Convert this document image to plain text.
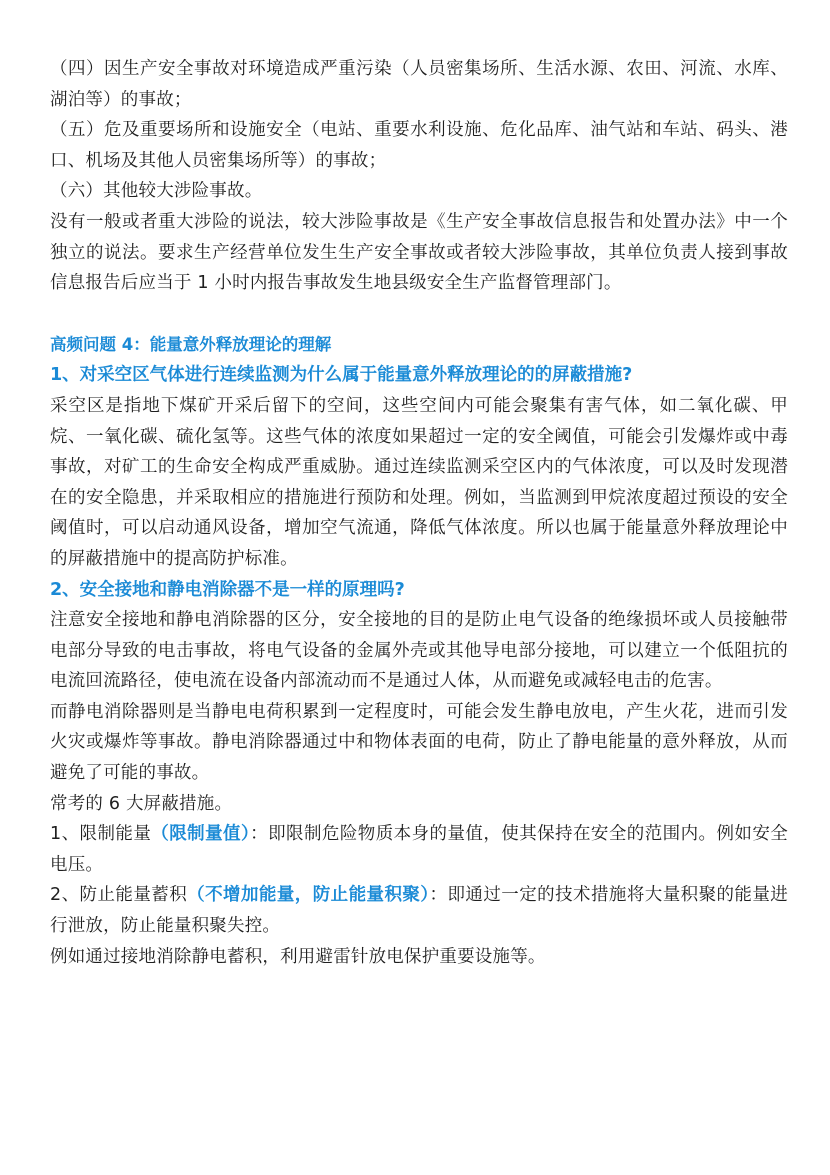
（四）因生产安全事故对环境造成严重污染（人员密集场所、生活水源、农田、河流、水库、湖泊等）的事故；

（五）危及重要场所和设施安全（电站、重要水利设施、危化品库、油气站和车站、码头、港口、机场及其他人员密集场所等）的事故；

（六）其他较大涉险事故。

没有一般或者重大涉险的说法，较大涉险事故是《生产安全事故信息报告和处置办法》中一个独立的说法。要求生产经营单位发生生产安全事故或者较大涉险事故，其单位负责人接到事故信息报告后应当于 1 小时内报告事故发生地县级安全生产监督管理部门。

高频问题 4：能量意外释放理论的理解

1、对采空区气体进行连续监测为什么属于能量意外释放理论的的屏蔽措施?

采空区是指地下煤矿开采后留下的空间，这些空间内可能会聚集有害气体，如二氧化碳、甲烷、一氧化碳、硫化氢等。这些气体的浓度如果超过一定的安全阈值，可能会引发爆炸或中毒事故，对矿工的生命安全构成严重威胁。通过连续监测采空区内的气体浓度，可以及时发现潜在的安全隐患，并采取相应的措施进行预防和处理。例如，当监测到甲烷浓度超过预设的安全阈值时，可以启动通风设备，增加空气流通，降低气体浓度。所以也属于能量意外释放理论中的屏蔽措施中的提高防护标准。

2、安全接地和静电消除器不是一样的原理吗?

注意安全接地和静电消除器的区分，安全接地的目的是防止电气设备的绝缘损坏或人员接触带电部分导致的电击事故，将电气设备的金属外壳或其他导电部分接地，可以建立一个低阻抗的电流回流路径，使电流在设备内部流动而不是通过人体，从而避免或减轻电击的危害。

而静电消除器则是当静电电荷积累到一定程度时，可能会发生静电放电，产生火花，进而引发火灾或爆炸等事故。静电消除器通过中和物体表面的电荷，防止了静电能量的意外释放，从而避免了可能的事故。

常考的 6 大屏蔽措施。

1、限制能量（限制量值）：即限制危险物质本身的量值，使其保持在安全的范围内。例如安全电压。

2、防止能量蓄积（不增加能量，防止能量积聚）：即通过一定的技术措施将大量积聚的能量进行泄放，防止能量积聚失控。

例如通过接地消除静电蓄积，利用避雷针放电保护重要设施等。
